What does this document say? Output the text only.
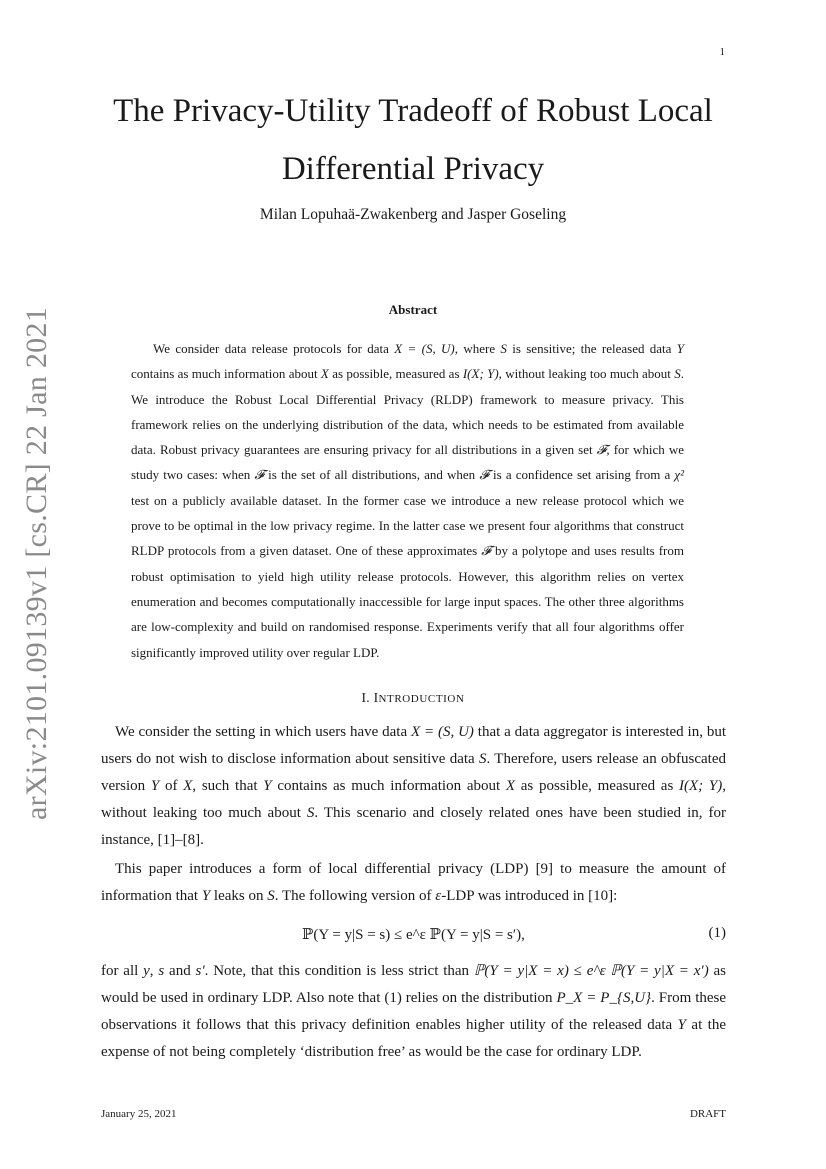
1
arXiv:2101.09139v1 [cs.CR] 22 Jan 2021
The Privacy-Utility Tradeoff of Robust Local
Differential Privacy
Milan Lopuhaä-Zwakenberg and Jasper Goseling
Abstract

We consider data release protocols for data X = (S, U), where S is sensitive; the released data Y contains as much information about X as possible, measured as I(X; Y), without leaking too much about S. We introduce the Robust Local Differential Privacy (RLDP) framework to measure privacy. This framework relies on the underlying distribution of the data, which needs to be estimated from available data. Robust privacy guarantees are ensuring privacy for all distributions in a given set 𝓕, for which we study two cases: when 𝓕 is the set of all distributions, and when 𝓕 is a confidence set arising from a χ² test on a publicly available dataset. In the former case we introduce a new release protocol which we prove to be optimal in the low privacy regime. In the latter case we present four algorithms that construct RLDP protocols from a given dataset. One of these approximates 𝓕 by a polytope and uses results from robust optimisation to yield high utility release protocols. However, this algorithm relies on vertex enumeration and becomes computationally inaccessible for large input spaces. The other three algorithms are low-complexity and build on randomised response. Experiments verify that all four algorithms offer significantly improved utility over regular LDP.

I. INTRODUCTION

We consider the setting in which users have data X = (S, U) that a data aggregator is interested in, but users do not wish to disclose information about sensitive data S. Therefore, users release an obfuscated version Y of X, such that Y contains as much information about X as possible, measured as I(X; Y), without leaking too much about S. This scenario and closely related ones have been studied in, for instance, [1]–[8].

This paper introduces a form of local differential privacy (LDP) [9] to measure the amount of information that Y leaks on S. The following version of ε-LDP was introduced in [10]:

ℙ(Y = y|S = s) ≤ e^ε ℙ(Y = y|S = s′),	(1)

for all y, s and s′. Note, that this condition is less strict than ℙ(Y = y|X = x) ≤ e^ε ℙ(Y = y|X = x′) as would be used in ordinary LDP. Also note that (1) relies on the distribution P_X = P_{S,U}. From these observations it follows that this privacy definition enables higher utility of the released data Y at the expense of not being completely ‘distribution free’ as would be the case for ordinary LDP.

January 25, 2021	DRAFT
